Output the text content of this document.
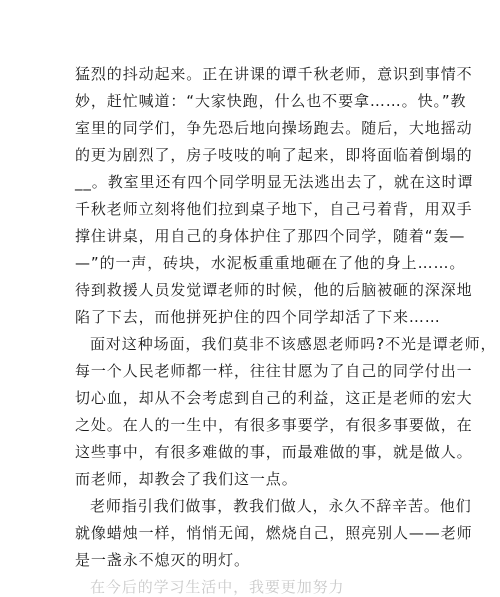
猛烈的抖动起来。正在讲课的谭千秋老师，意识到事情不
妙，赶忙喊道：“大家快跑，什么也不要拿……。快。”教
室里的同学们，争先恐后地向操场跑去。随后，大地摇动
的更为剧烈了，房子吱吱的响了起来，即将面临着倒塌的
__。教室里还有四个同学明显无法逃出去了，就在这时谭
千秋老师立刻将他们拉到桌子地下，自己弓着背，用双手
撑住讲桌，用自己的身体护住了那四个同学，随着“轰—
—”的一声，砖块，水泥板重重地砸在了他的身上……。
待到救援人员发觉谭老师的时候，他的后脑被砸的深深地
陷了下去，而他拼死护住的四个同学却活了下来……
面对这种场面，我们莫非不该感恩老师吗?不光是谭老师，
每一个人民老师都一样，往往甘愿为了自己的同学付出一
切心血，却从不会考虑到自己的利益，这正是老师的宏大
之处。在人的一生中，有很多事要学，有很多事要做，在
这些事中，有很多难做的事，而最难做的事，就是做人。
而老师，却教会了我们这一点。
老师指引我们做事，教我们做人，永久不辞辛苦。他们
就像蜡烛一样，悄悄无闻，燃烧自己，照亮别人——老师
是一盏永不熄灭的明灯。
在今后的学习生活中，我要更加努力
